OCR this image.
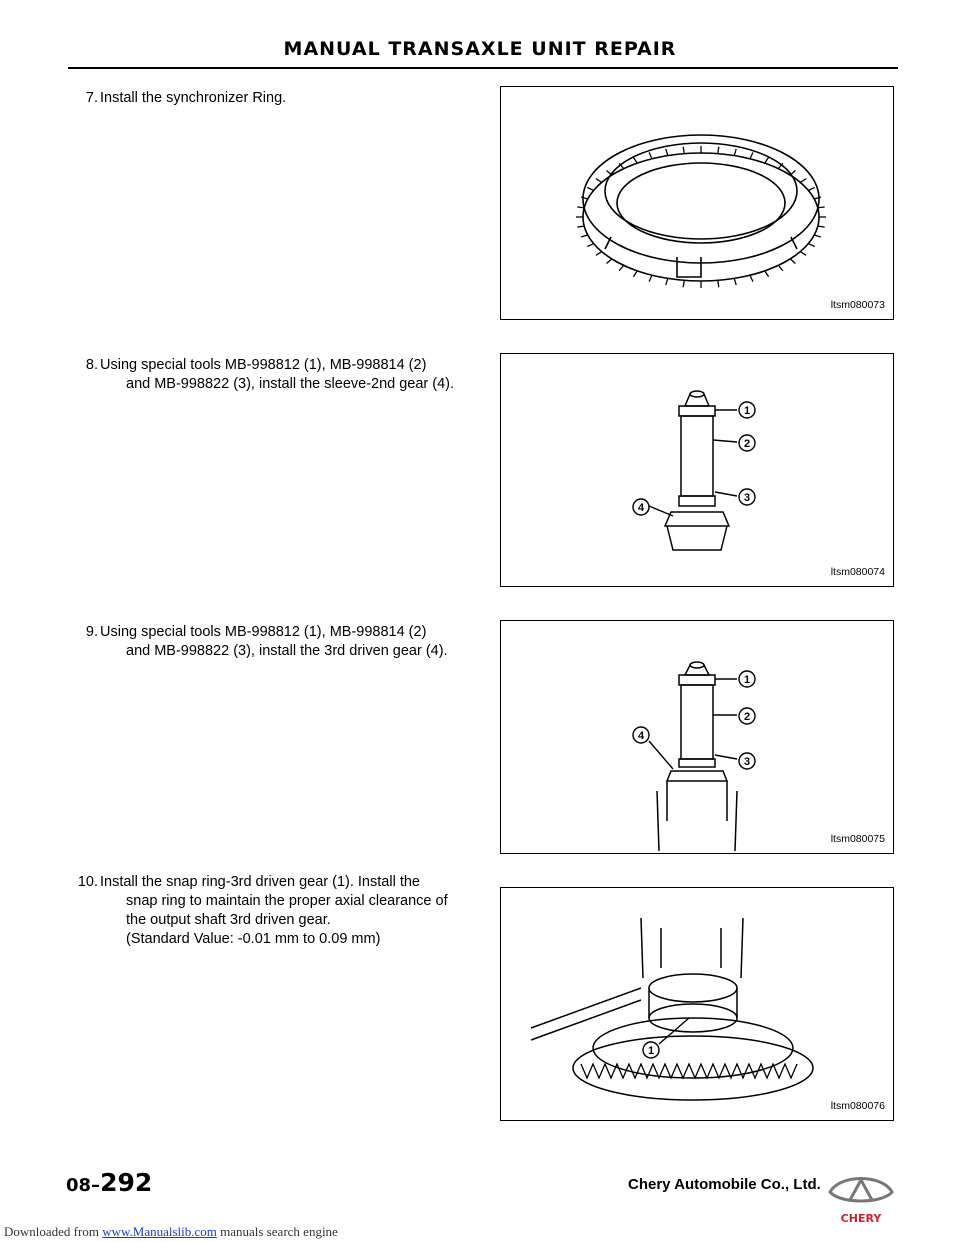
MANUAL TRANSAXLE UNIT REPAIR
7. Install the synchronizer Ring.
8. Using special tools MB-998812 (1), MB-998814 (2)
and MB-998822 (3), install the sleeve-2nd gear (4).
9. Using special tools MB-998812 (1), MB-998814 (2)
and MB-998822 (3), install the 3rd driven gear (4).
10. Install the snap ring-3rd driven gear (1). Install the
snap ring to maintain the proper axial clearance of
the output shaft 3rd driven gear.
(Standard Value: -0.01 mm to 0.09 mm)
ltsm080073
1
2
3
4
ltsm080074
1
2
4
3
ltsm080075
1
ltsm080076
08–292	Chery Automobile Co., Ltd.
CHERY
Downloaded from www.Manualslib.com manuals search engine
